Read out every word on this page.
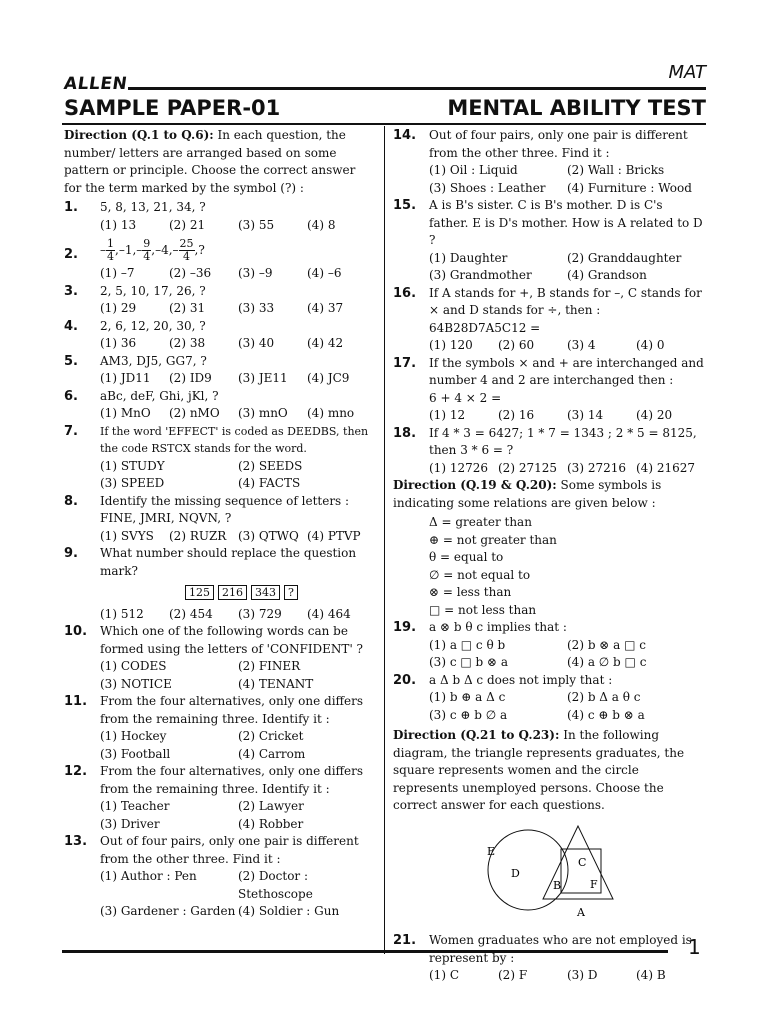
ALLEN
MAT
SAMPLE PAPER-01	MENTAL ABILITY TEST
Direction (Q.1 to Q.6): In each question, the number/ letters are arranged based on some pattern or principle. Choose the correct answer for the term marked by the symbol (?) :
1. 5, 8, 13, 21, 34, ?

(1) 13	(2) 21	(3) 55	(4) 8
2. – $\frac{1}{4} ,-1,- \frac{9}{4} ,-4,- \frac{25}{4}$ ,?

(1) –7	(2) –36	(3) –9	(4) –6
3. 2, 5, 10, 17, 26, ?

(1) 29	(2) 31	(3) 33	(4) 37
4. 2, 6, 12, 20, 30, ?

(1) 36	(2) 38	(3) 40	(4) 42
5. AM3, DJ5, GG7, ?

(1) JD11	(2) ID9	(3) JE11	(4) JC9
6. aBc, deF, Ghi, jKl, ?

(1) MnO	(2) nMO	(3) mnO	(4) mno
7. If the word 'EFFECT' is coded as DEEDBS, then the code RSTCX stands for the word.

(1) STUDY	(2) SEEDS
(3) SPEED	(4) FACTS
8. Identify the missing sequence of letters :

FINE, JMRI, NQVN, ?

(1) SVYS	(2) RUZR (3) QTWQ (4) PTVP
9. What number should replace the question mark?

125 216 343 ?
(1) 512	(2) 454	(3) 729	(4) 464
10. Which one of the following words can be formed using the letters of 'CONFIDENT' ?

(1) CODES	(2) FINER
(3) NOTICE	(4) TENANT
11. From the four alternatives, only one differs from the remaining three. Identify it :

(1) Hockey	(2) Cricket
(3) Football	(4) Carrom
12. From the four alternatives, only one differs from the remaining three. Identify it :

(1) Teacher	(2) Lawyer
(3) Driver	(4) Robber
13. Out of four pairs, only one pair is different from the other three. Find it :

(1) Author : Pen	(2) Doctor : Stethoscope
(3) Gardener : Garden (4) Soldier : Gun
14. Out of four pairs, only one pair is different from the other three. Find it :

(1) Oil : Liquid	(2) Wall : Bricks
(3) Shoes : Leather	(4) Furniture : Wood
15. A is B's sister. C is B's mother. D is C's father. E is D's mother. How is A related to D ?

(1) Daughter	(2) Granddaughter
(3) Grandmother	(4) Grandson
16. If A stands for +, B stands for –, C stands for × and D stands for ÷, then :

64B28D7A5C12 =

(1) 120	(2) 60	(3) 4	(4) 0
17. If the symbols × and + are interchanged and number 4 and 2 are interchanged then :

6 + 4 × 2 =

(1) 12	(2) 16	(3) 14	(4) 20
18. If 4 * 3 = 6427; 1 * 7 = 1343 ; 2 * 5 = 8125, then 3 * 6 = ?

(1) 12726 (2) 27125 (3) 27216 (4) 21627
Direction (Q.19 & Q.20): Some symbols is indicating some relations are given below :
Δ = greater than
⊕ = not greater than
θ = equal to
∅ = not equal to
⊗ = less than
□ = not less than
19. a ⊗ b θ c implies that :

(1) a □ c θ b	(2) b ⊗ a □ c
(3) c □ b ⊗ a	(4) a ∅ b □ c
20. a Δ b Δ c does not imply that :

(1) b ⊕ a Δ c	(2) b Δ a θ c
(3) c ⊕ b ∅ a	(4) c ⊕ b ⊗ a
Direction (Q.21 to Q.23): In the following diagram, the triangle represents graduates, the square represents women and the circle represents unemployed persons. Choose the correct answer for each questions.
E
C
D
B	F
A
21. Women graduates who are not employed is represent by :

(1) C	(2) F	(3) D	(4) B
1
